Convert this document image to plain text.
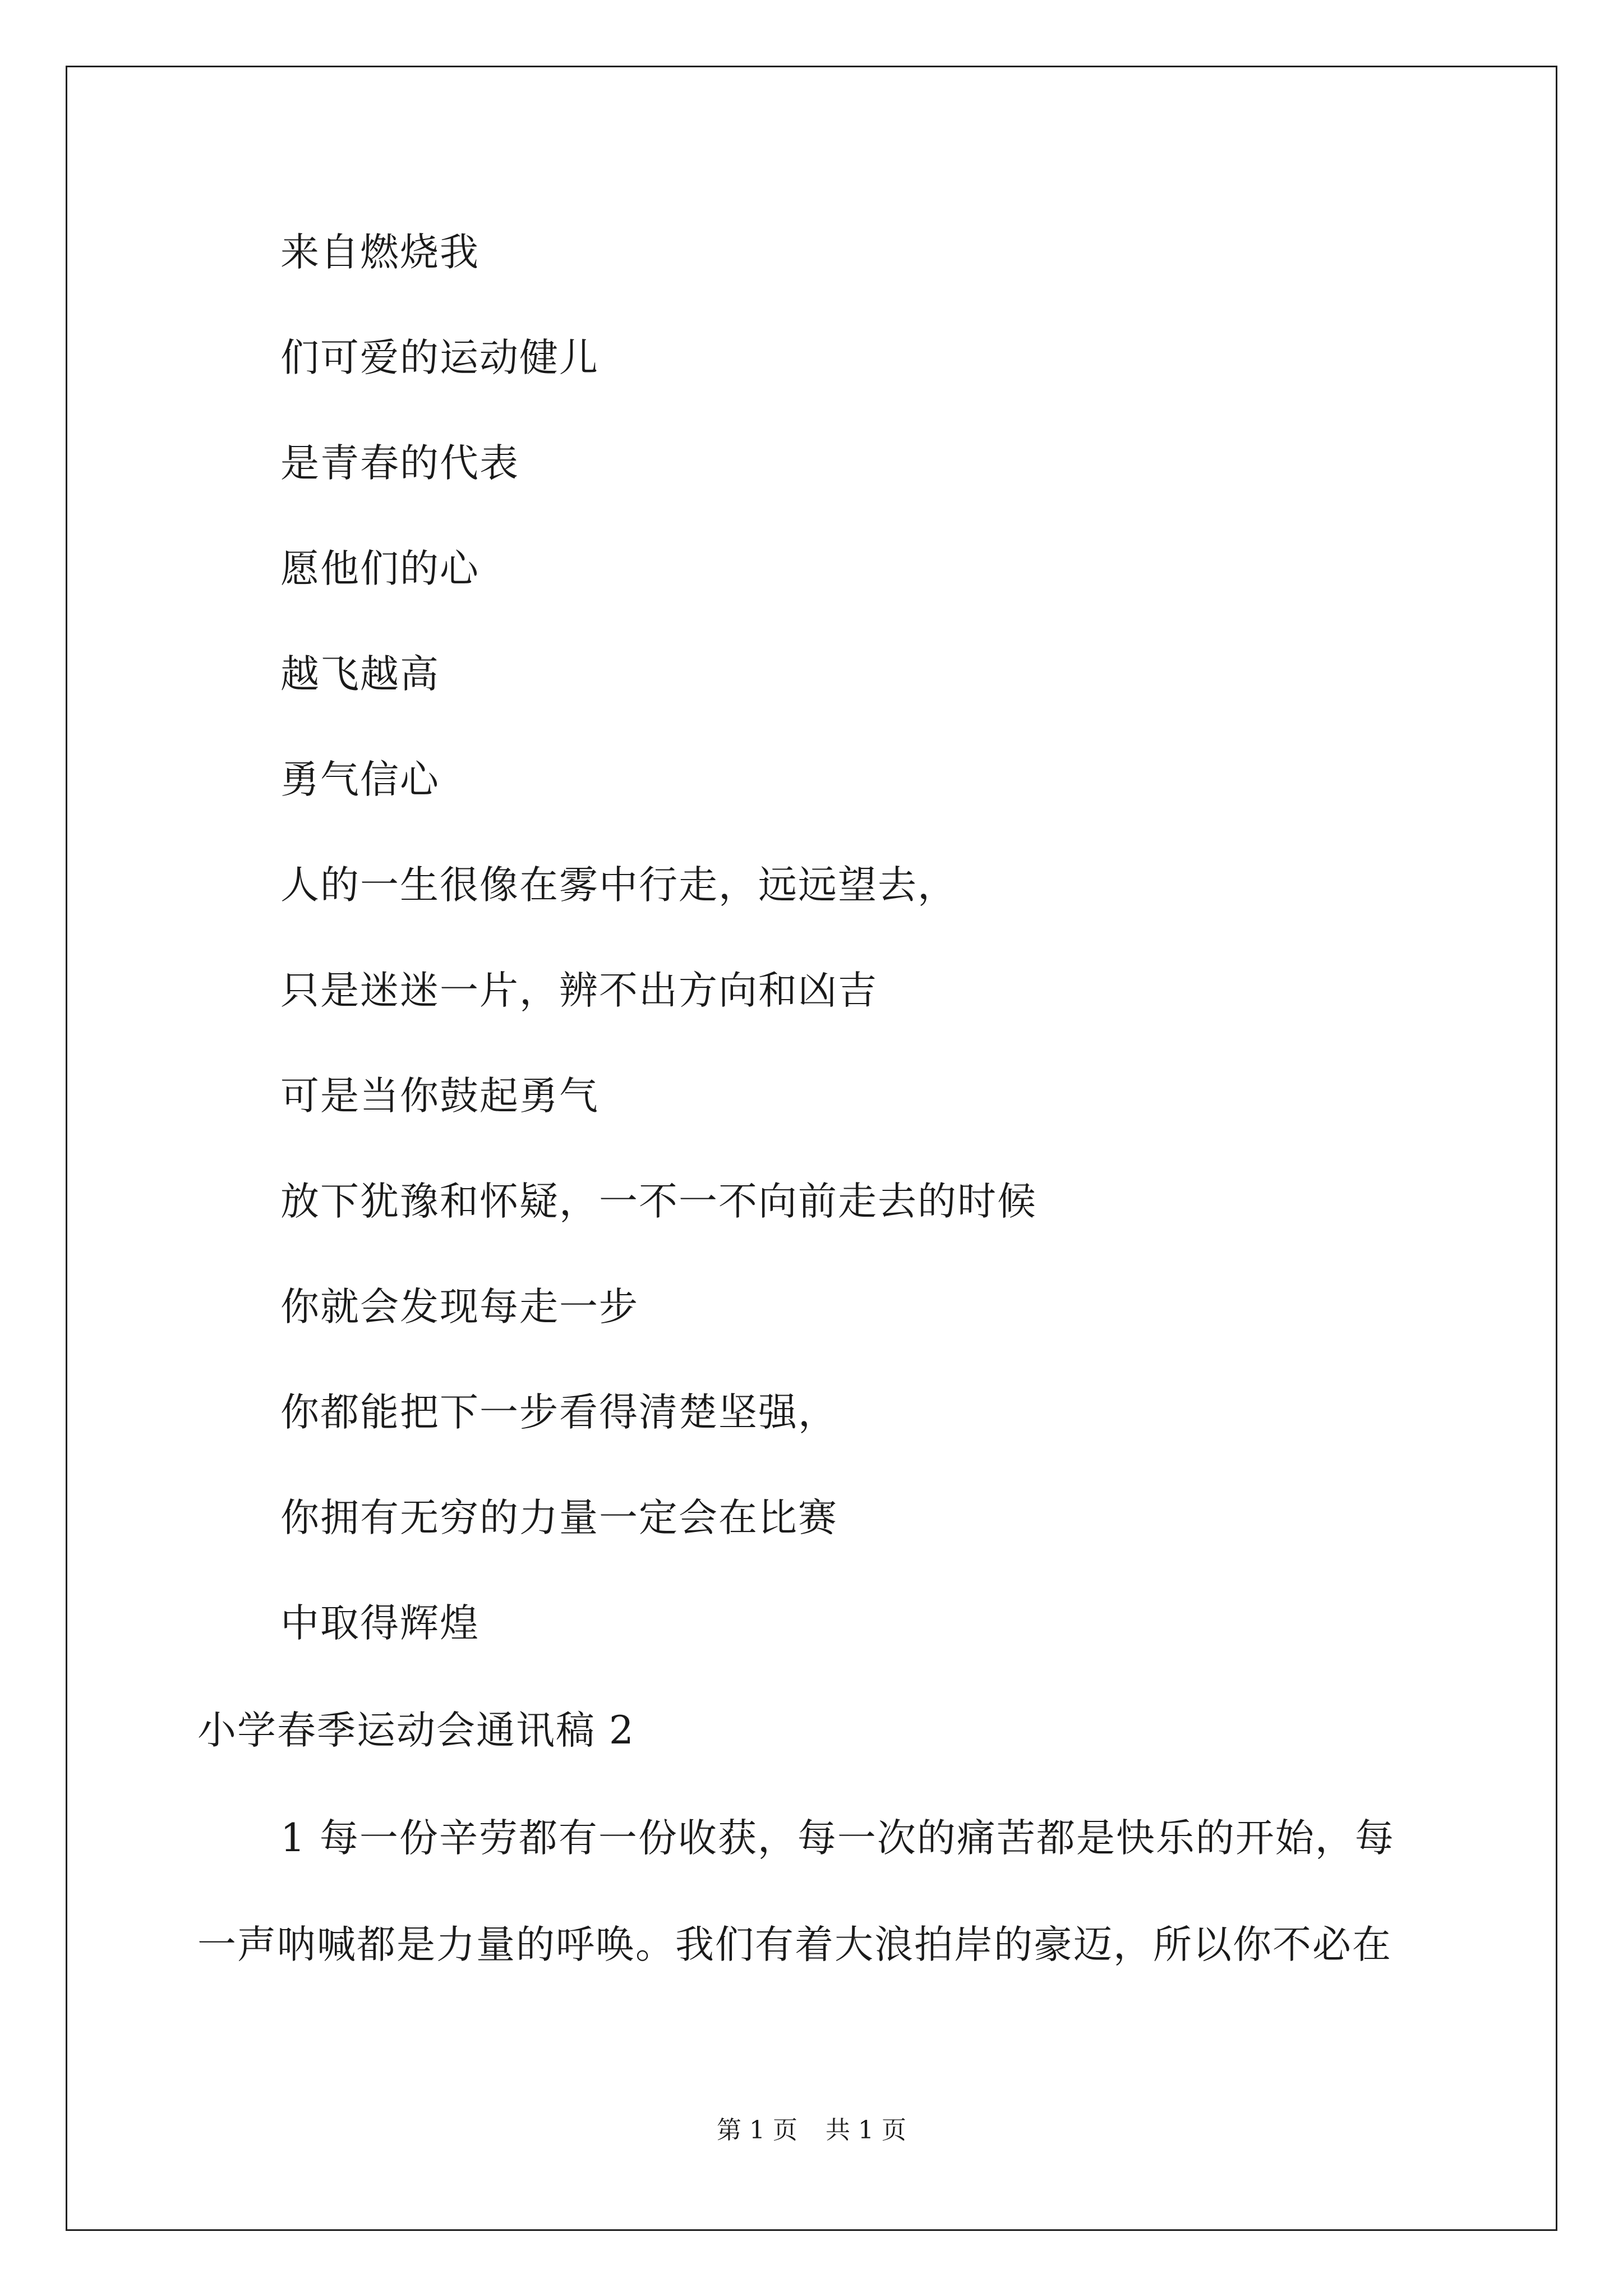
来自燃烧我

们可爱的运动健儿

是青春的代表

愿他们的心

越飞越高

勇气信心

人的一生很像在雾中行走，远远望去，

只是迷迷一片，辨不出方向和凶吉

可是当你鼓起勇气

放下犹豫和怀疑，一不一不向前走去的时候

你就会发现每走一步

你都能把下一步看得清楚坚强，

你拥有无穷的力量一定会在比赛

中取得辉煌

小学春季运动会通讯稿 2

1 每一份辛劳都有一份收获，每一次的痛苦都是快乐的开始，每

一声呐喊都是力量的呼唤。我们有着大浪拍岸的豪迈，所以你不必在

第 1 页 共 1 页
